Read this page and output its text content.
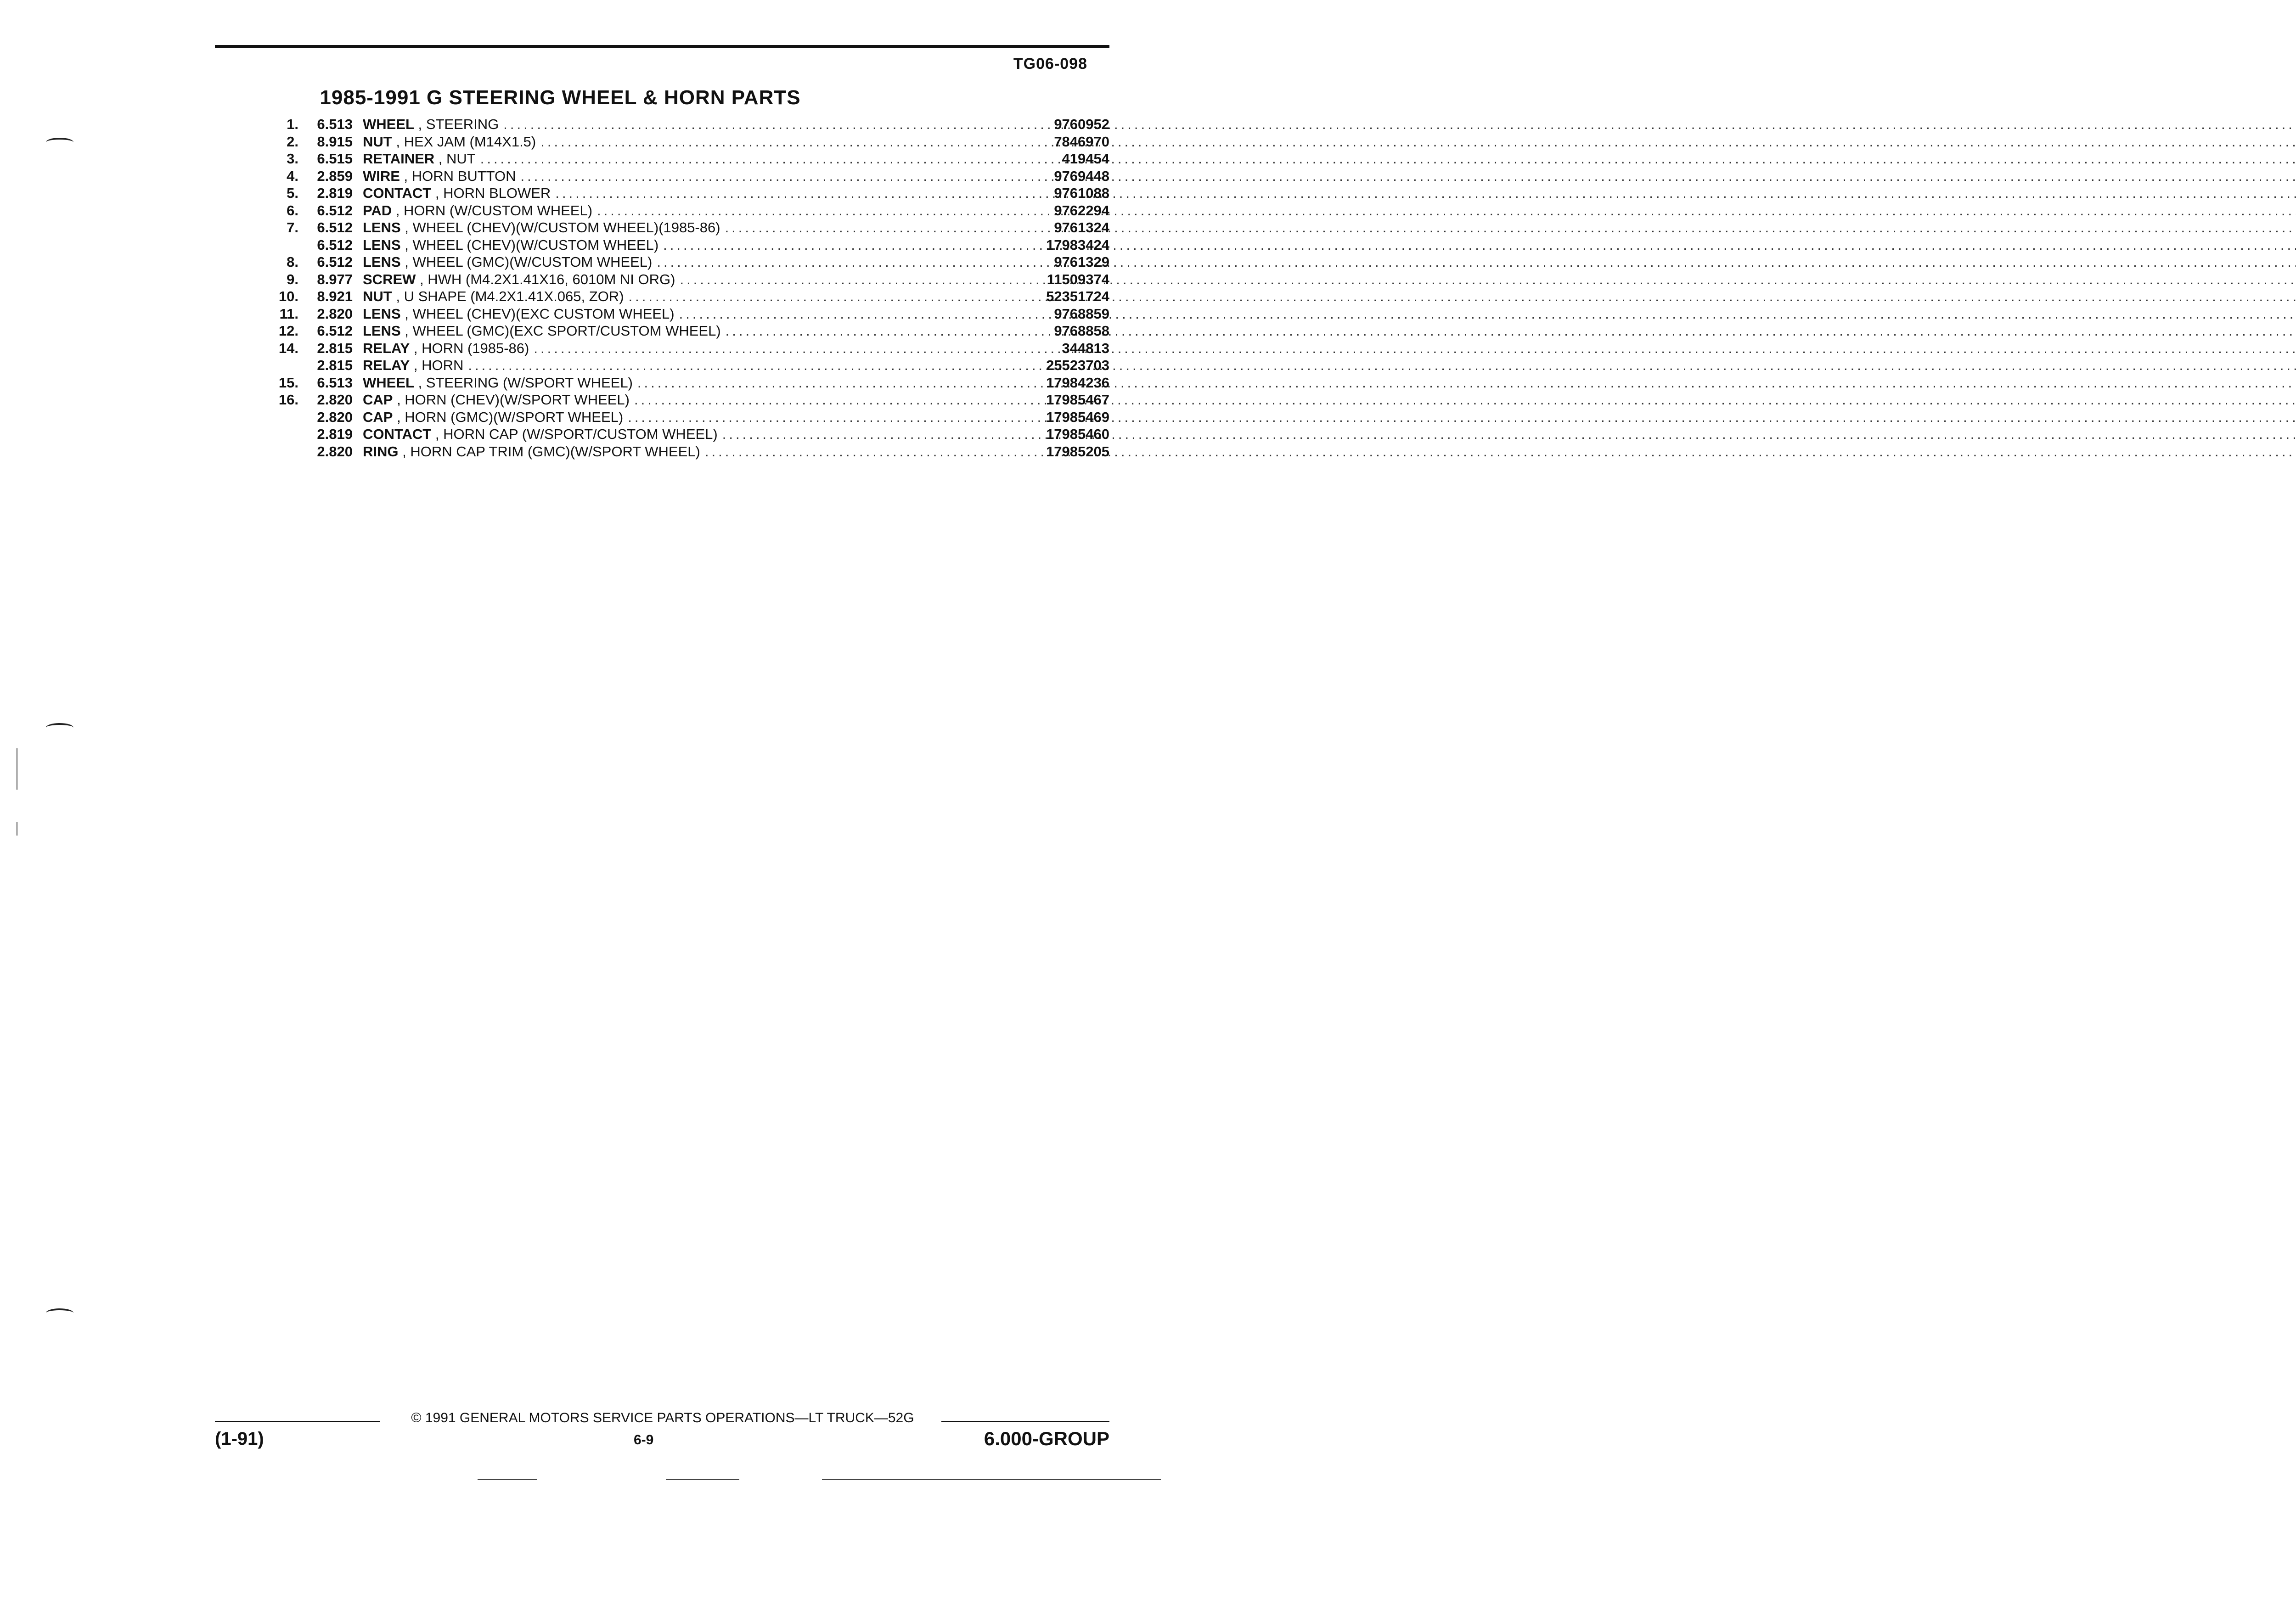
TG06-098
1985-1991 G STEERING WHEEL & HORN PARTS
1.	6.513 WHEEL , STEERING .....	9760952
2.	8.915 NUT , HEX JAM (M14X1.5) .....	7846970
3.	6.515 RETAINER , NUT .....	419454
4.	2.859 WIRE , HORN BUTTON .....	9769448
5.	2.819 CONTACT , HORN BLOWER .....	9761088
6.	6.512 PAD , HORN (W/CUSTOM WHEEL) .....	9762294
7.	6.512 LENS , WHEEL (CHEV)(W/CUSTOM WHEEL)(1985-86) .....	9761324
6.512 LENS , WHEEL (CHEV)(W/CUSTOM WHEEL) .....	17983424
8.	6.512 LENS , WHEEL (GMC)(W/CUSTOM WHEEL) .....	9761329
9.	8.977 SCREW , HWH (M4.2X1.41X16, 6010M NI ORG) .....	11509374
10.	8.921 NUT , U SHAPE (M4.2X1.41X.065, ZOR) .....	52351724
11.	2.820 LENS , WHEEL (CHEV)(EXC CUSTOM WHEEL) .....	9768859
12.	6.512 LENS , WHEEL (GMC)(EXC SPORT/CUSTOM WHEEL) .....	9768858
14.	2.815 RELAY , HORN (1985-86) .....	344813
2.815 RELAY , HORN .....	25523703
15.	6.513 WHEEL , STEERING (W/SPORT WHEEL) .....	17984236
16.	2.820 CAP , HORN (CHEV)(W/SPORT WHEEL) .....	17985467
2.820 CAP , HORN (GMC)(W/SPORT WHEEL) .....	17985469
2.819 CONTACT , HORN CAP (W/SPORT/CUSTOM WHEEL) .....	17985460
2.820 RING , HORN CAP TRIM (GMC)(W/SPORT WHEEL) .....	17985205
© 1991 GENERAL MOTORS SERVICE PARTS OPERATIONS—LT TRUCK—52G
(1-91)	6-9	6.000-GROUP
